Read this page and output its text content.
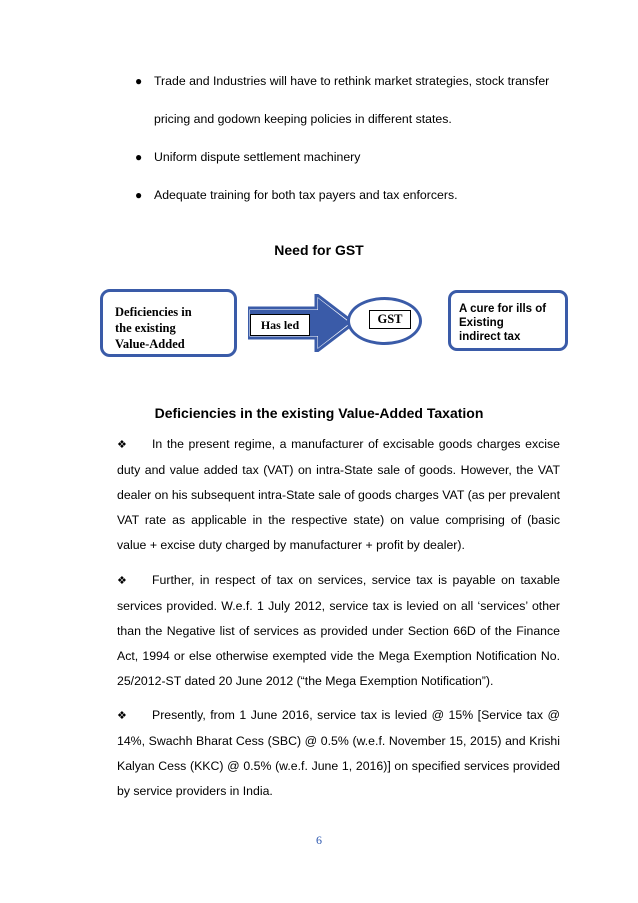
● Trade and Industries will have to rethink market strategies, stock transfer
pricing and godown keeping policies in different states.
● Uniform dispute settlement machinery
● Adequate training for both tax payers and tax enforcers.
Need for GST
Deficiencies in
the existing
Value-Added
Has led	GST
A cure for ills of
Existing
indirect tax
Deficiencies in the existing Value-Added Taxation

❖ In the present regime, a manufacturer of excisable goods charges excise duty and value added tax (VAT) on intra-State sale of goods. However, the VAT dealer on his subsequent intra-State sale of goods charges VAT (as per prevalent VAT rate as applicable in the respective state) on value comprising of (basic value + excise duty charged by manufacturer + profit by dealer).

❖ Further, in respect of tax on services, service tax is payable on taxable services provided. W.e.f. 1 July 2012, service tax is levied on all ‘services’ other than the Negative list of services as provided under Section 66D of the Finance Act, 1994 or else otherwise exempted vide the Mega Exemption Notification No. 25/2012-ST dated 20 June 2012 (“the Mega Exemption Notification”).

❖ Presently, from 1 June 2016, service tax is levied @ 15% [Service tax @ 14%, Swachh Bharat Cess (SBC) @ 0.5% (w.e.f. November 15, 2015) and Krishi Kalyan Cess (KKC) @ 0.5% (w.e.f. June 1, 2016)] on specified services provided by service providers in India.

6
